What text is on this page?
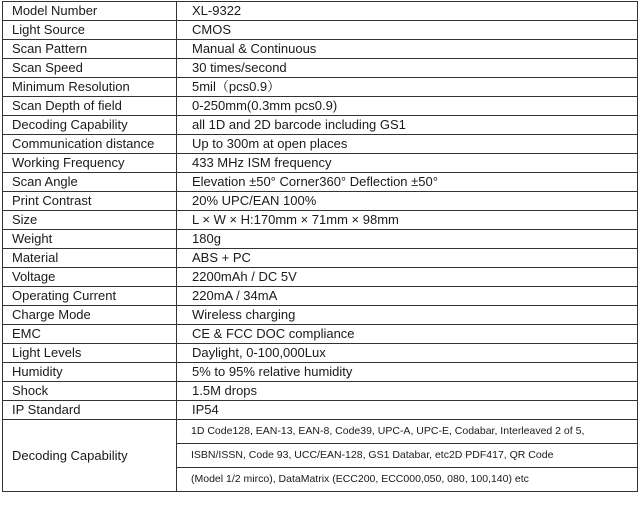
Model Number	XL-9322
Light Source	CMOS
Scan Pattern	Manual & Continuous
Scan Speed	30 times/second
Minimum Resolution	5mil（pcs0.9）
Scan Depth of field	0-250mm(0.3mm pcs0.9)
Decoding Capability	all 1D and 2D barcode including GS1
Communication distance	Up to 300m at open places
Working Frequency	433 MHz ISM frequency
Scan Angle	Elevation ±50° Corner360° Deflection ±50°
Print Contrast	20% UPC/EAN 100%
Size	L × W × H:170mm × 71mm × 98mm
Weight	180g
Material	ABS + PC
Voltage	2200mAh / DC 5V
Operating Current	220mA / 34mA
Charge Mode	Wireless charging
EMC	CE & FCC DOC compliance
Light Levels	Daylight, 0-100,000Lux
Humidity	5% to 95% relative humidity
Shock	1.5M drops
IP Standard	IP54
Decoding Capability	1D Code128, EAN-13, EAN-8, Code39, UPC-A, UPC-E, Codabar, Interleaved 2 of 5,
	ISBN/ISSN, Code 93, UCC/EAN-128, GS1 Databar, etc2D PDF417, QR Code
	(Model 1/2 mirco), DataMatrix (ECC200, ECC000,050, 080, 100,140) etc
